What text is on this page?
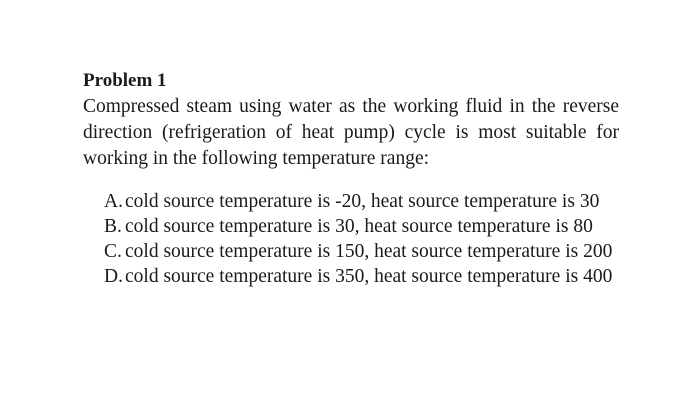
Problem 1

Compressed steam using water as the working fluid in the reverse direction (refrigeration of heat pump) cycle is most suitable for working in the following temperature range:

A. cold source temperature is -20, heat source temperature is 30
B. cold source temperature is 30, heat source temperature is 80
C. cold source temperature is 150, heat source temperature is 200
D. cold source temperature is 350, heat source temperature is 400
